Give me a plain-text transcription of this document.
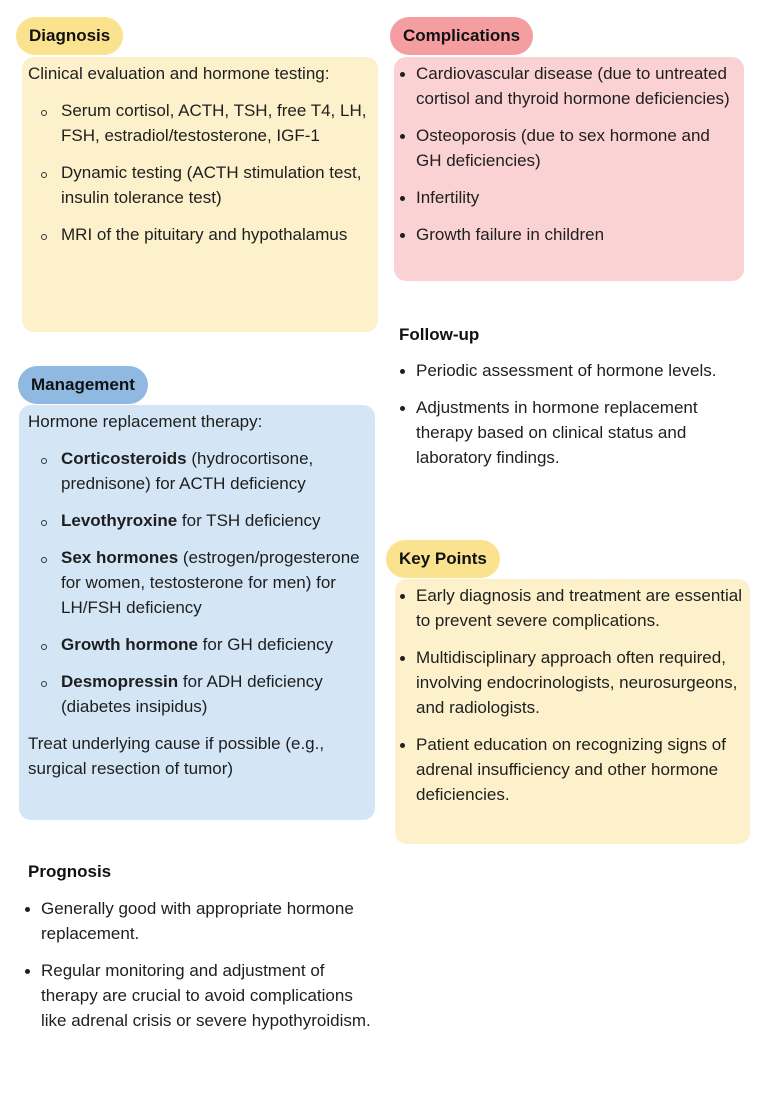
Diagnosis

Clinical evaluation and hormone testing:

Serum cortisol, ACTH, TSH, free T4, LH, FSH, estradiol/testosterone, IGF-1
Dynamic testing (ACTH stimulation test, insulin tolerance test)
MRI of the pituitary and hypothalamus
Complications
Cardiovascular disease (due to untreated cortisol and thyroid hormone deficiencies)
Osteoporosis (due to sex hormone and GH deficiencies)
Infertility
Growth failure in children
Follow-up
Periodic assessment of hormone levels.
Adjustments in hormone replacement therapy based on clinical status and laboratory findings.
Management

Hormone replacement therapy:

Corticosteroids (hydrocortisone, prednisone) for ACTH deficiency
Levothyroxine for TSH deficiency
Sex hormones (estrogen/progesterone for women, testosterone for men) for LH/FSH deficiency
Growth hormone for GH deficiency
Desmopressin for ADH deficiency (diabetes insipidus)

Treat underlying cause if possible (e.g., surgical resection of tumor)

Key Points
Early diagnosis and treatment are essential to prevent severe complications.
Multidisciplinary approach often required, involving endocrinologists, neurosurgeons, and radiologists.
Patient education on recognizing signs of adrenal insufficiency and other hormone deficiencies.
Prognosis
Generally good with appropriate hormone replacement.
Regular monitoring and adjustment of therapy are crucial to avoid complications like adrenal crisis or severe hypothyroidism.
